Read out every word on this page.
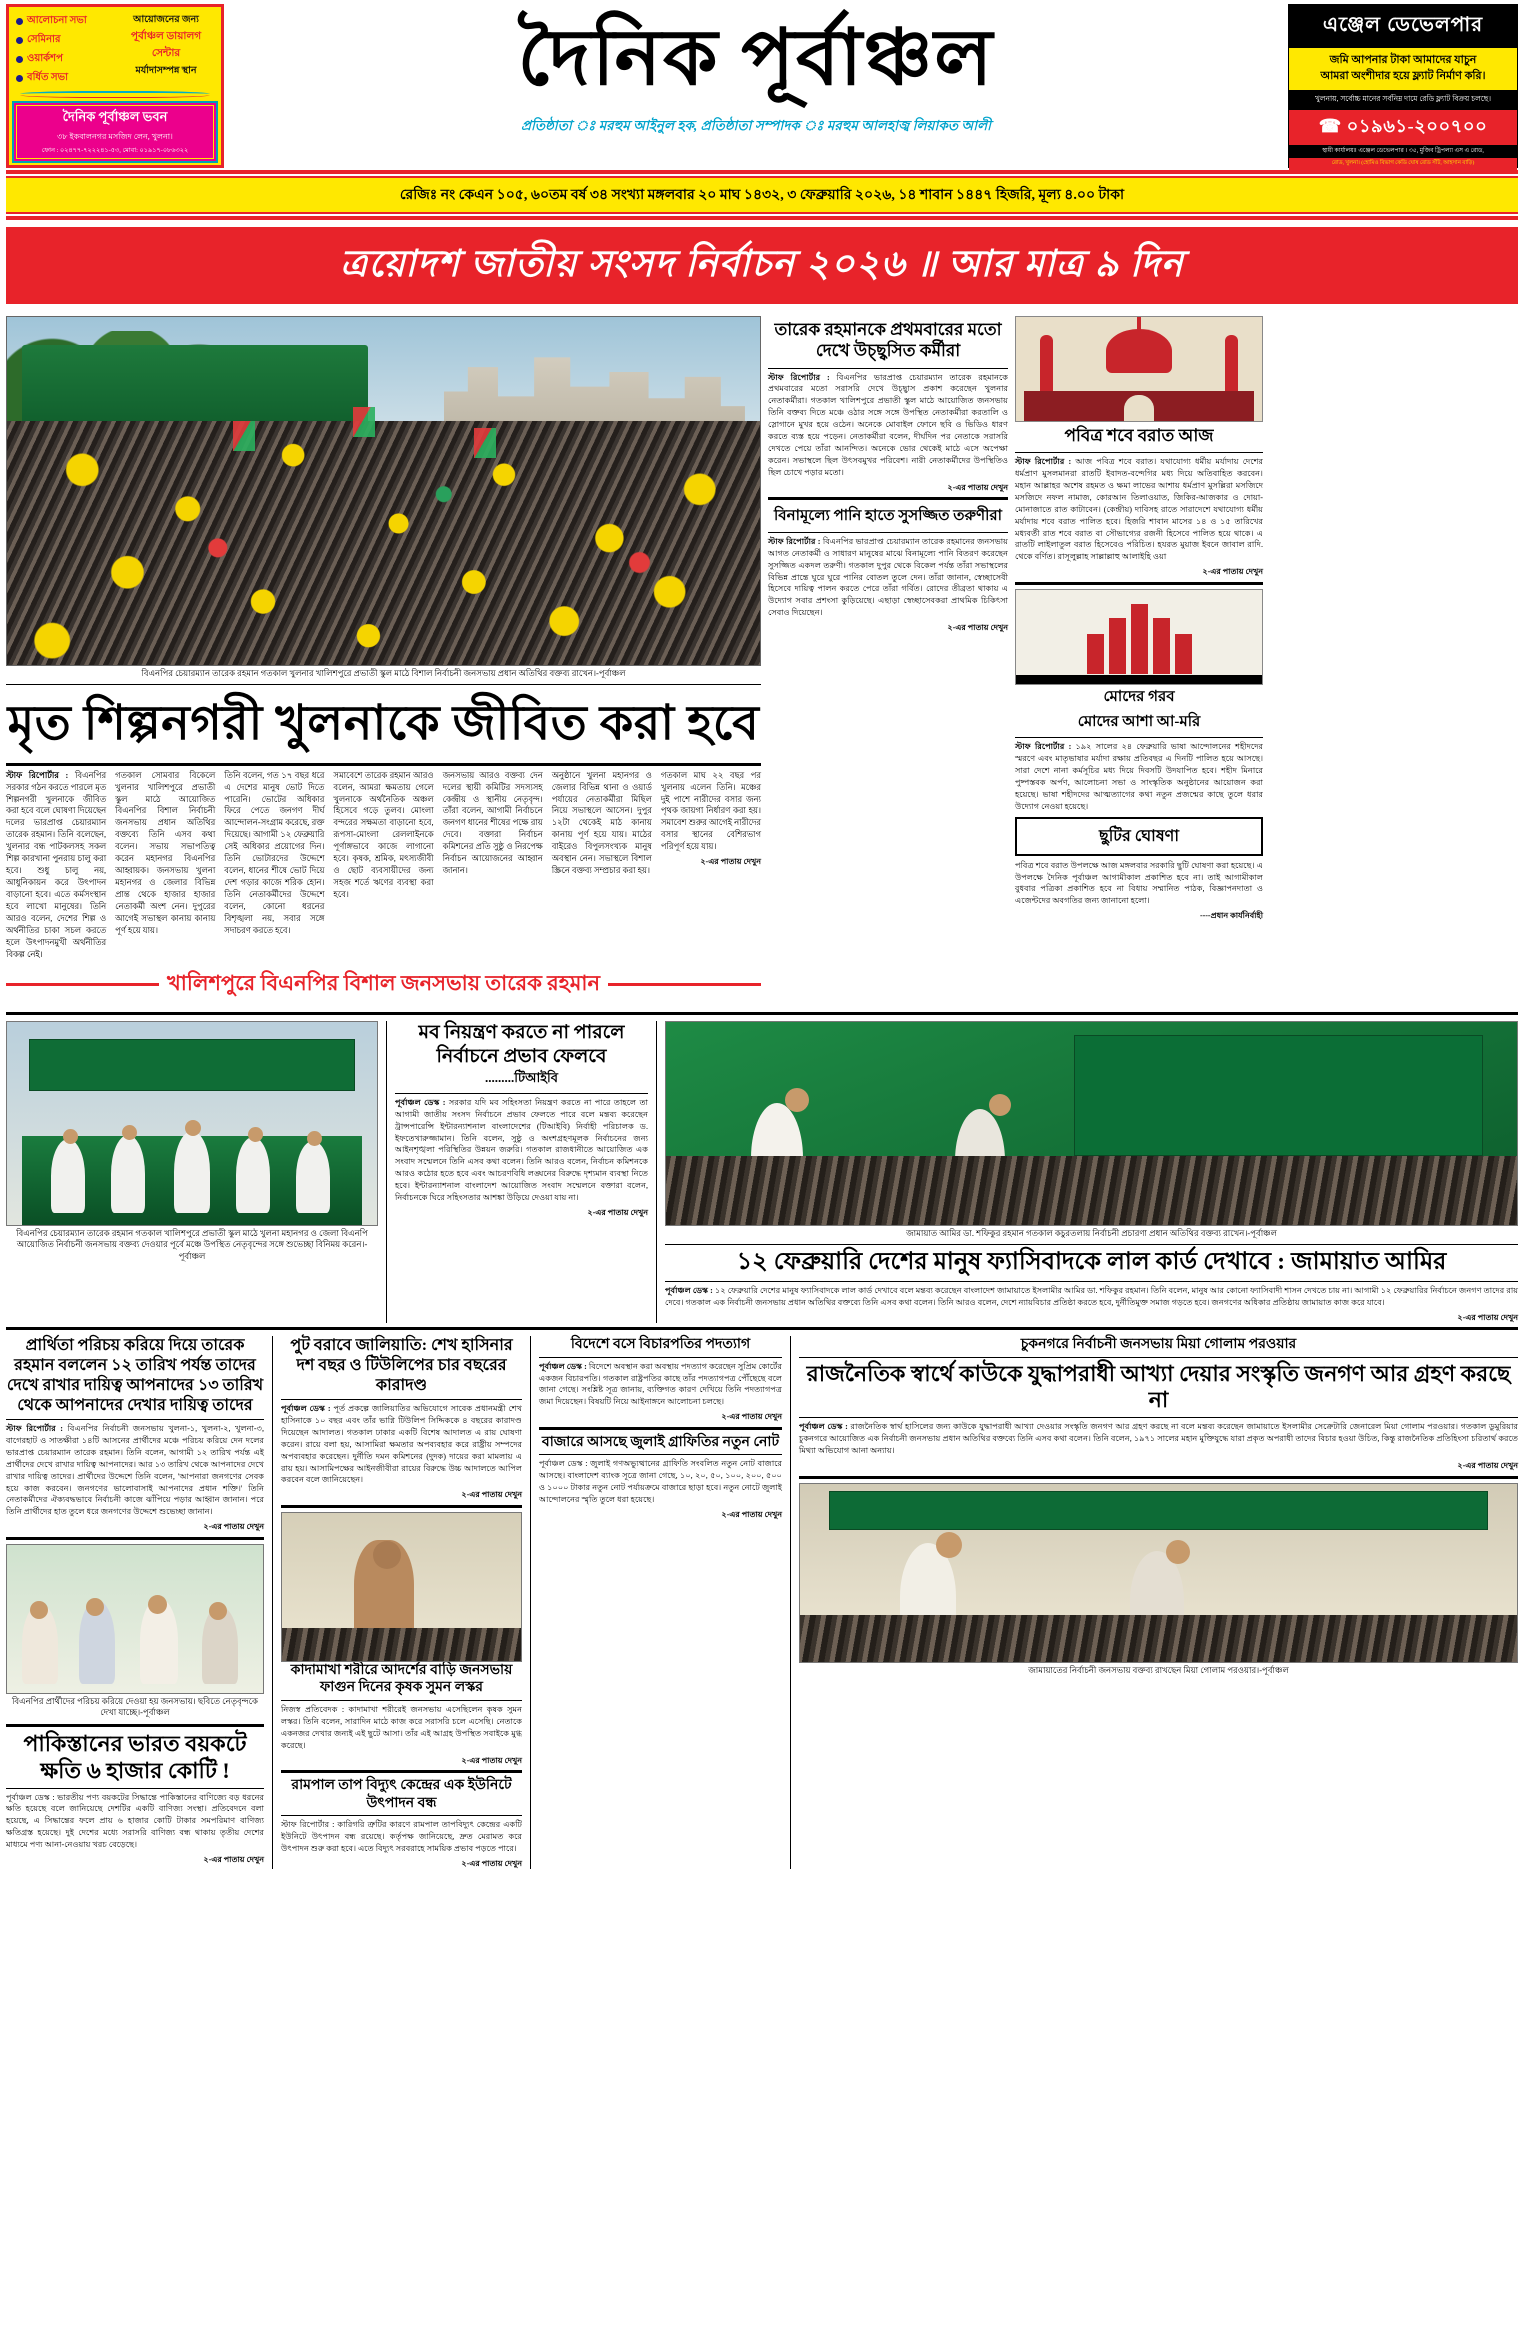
আলোচনা সভা
সেমিনার
ওয়ার্কশপ
বর্ধিত সভা
আয়োজনের জন্য
পূর্বাঞ্চল ডায়ালগ সেন্টার
মর্যাদাসম্পন্ন স্থান
দৈনিক পূর্বাঞ্চল ভবন
৩৮ ইকবালনগর মসজিদ লেন, খুলনা।
ফোন : ০২৪৭৭-৭২২২৪১-৫৩, মোবা: ০১৯১৭-০৮৬৩২২
দৈনিক পূর্বাঞ্চল
প্রতিষ্ঠাতা ঃ মরহুম আইনুল হক, প্রতিষ্ঠাতা সম্পাদক ঃ মরহুম আলহাজ্ব লিয়াকত আলী
এঞ্জেল ডেভেলপার
জমি আপনার টাকা আমাদের যাচুন
আমরা অংশীদার হয়ে ফ্ল্যাট নির্মাণ করি।
খুলনায়, সর্বোচ্চ মানের সর্বনিম্ন দামে রেডি ফ্ল্যাট বিক্রয় চলছে।
☎ ০১৯৬১-২০০৭০০
স্থায়ী কার্যালয়ঃ এঞ্জেল ডেভেলপার । ৩৫, মুজিব ট্রিপল্যা এস এ রোড,
রোড, খুলনা। (হোমিও বিভাগ কেডি ঘোষ রোড সঁটি, আহসান বাড়ি)
রেজিঃ নং কেএন ১০৫, ৬০তম বর্ষ ৩৪ সংখ্যা মঙ্গলবার ২০ মাঘ ১৪৩২, ৩ ফেব্রুয়ারি ২০২৬, ১৪ শাবান ১৪৪৭ হিজরি, মূল্য ৪.০০ টাকা
ত্রয়োদশ জাতীয় সংসদ নির্বাচন ২০২৬ ॥ আর মাত্র ৯ দিন
বিএনপির চেয়ারম্যান তারেক রহমান গতকাল খুলনার খালিশপুরে প্রভাতী স্কুল মাঠে বিশাল নির্বাচনী জনসভায় প্রধান অতিথির বক্তব্য রাখেন।-পূর্বাঞ্চল
মৃত শিল্পনগরী খুলনাকে জীবিত করা হবে

স্টাফ রিপোর্টার : বিএনপির সরকার গঠন করতে পারলে মৃত শিল্পনগরী খুলনাকে জীবিত করা হবে বলে ঘোষণা দিয়েছেন দলের ভারপ্রাপ্ত চেয়ারম্যান তারেক রহমান। তিনি বলেছেন, খুলনার বন্ধ পাটকলসহ সকল শিল্প কারখানা পুনরায় চালু করা হবে। শুধু চালু নয়, আধুনিকায়ন করে উৎপাদন বাড়ানো হবে। এতে কর্মসংস্থান হবে লাখো মানুষের। তিনি আরও বলেন, দেশের শিল্প ও অর্থনীতির চাকা সচল করতে হলে উৎপাদনমুখী অর্থনীতির বিকল্প নেই।

গতকাল সোমবার বিকেলে খুলনার খালিশপুরে প্রভাতী স্কুল মাঠে আয়োজিত বিএনপির বিশাল নির্বাচনী জনসভায় প্রধান অতিথির বক্তব্যে তিনি এসব কথা বলেন। সভায় সভাপতিত্ব করেন মহানগর বিএনপির আহ্বায়ক। জনসভায় খুলনা মহানগর ও জেলার বিভিন্ন প্রান্ত থেকে হাজার হাজার নেতাকর্মী অংশ নেন। দুপুরের আগেই সভাস্থল কানায় কানায় পূর্ণ হয়ে যায়।

তিনি বলেন, গত ১৭ বছর ধরে এ দেশের মানুষ ভোট দিতে পারেনি। ভোটের অধিকার ফিরে পেতে জনগণ দীর্ঘ আন্দোলন-সংগ্রাম করেছে, রক্ত দিয়েছে। আগামী ১২ ফেব্রুয়ারি সেই অধিকার প্রয়োগের দিন। তিনি ভোটারদের উদ্দেশে বলেন, ধানের শীষে ভোট দিয়ে দেশ গড়ার কাজে শরিক হোন। তিনি নেতাকর্মীদের উদ্দেশে বলেন, কোনো ধরনের বিশৃঙ্খলা নয়, সবার সঙ্গে সদাচরণ করতে হবে।

সমাবেশে তারেক রহমান আরও বলেন, আমরা ক্ষমতায় গেলে খুলনাকে অর্থনৈতিক অঞ্চল হিসেবে গড়ে তুলব। মোংলা বন্দরের সক্ষমতা বাড়ানো হবে, রূপসা-মোংলা রেললাইনকে পূর্ণাঙ্গভাবে কাজে লাগানো হবে। কৃষক, শ্রমিক, মৎস্যজীবী ও ছোট ব্যবসায়ীদের জন্য সহজ শর্তে ঋণের ব্যবস্থা করা হবে।

জনসভায় আরও বক্তব্য দেন দলের স্থায়ী কমিটির সদস্যসহ কেন্দ্রীয় ও স্থানীয় নেতৃবৃন্দ। তাঁরা বলেন, আগামী নির্বাচনে জনগণ ধানের শীষের পক্ষে রায় দেবে। বক্তারা নির্বাচন কমিশনের প্রতি সুষ্ঠু ও নিরপেক্ষ নির্বাচন আয়োজনের আহ্বান জানান।

অনুষ্ঠানে খুলনা মহানগর ও জেলার বিভিন্ন থানা ও ওয়ার্ড পর্যায়ের নেতাকর্মীরা মিছিল নিয়ে সভাস্থলে আসেন। দুপুর ১২টা থেকেই মাঠ কানায় কানায় পূর্ণ হয়ে যায়। মাঠের বাইরেও বিপুলসংখ্যক মানুষ অবস্থান নেন। সভাস্থলে বিশাল স্ক্রিনে বক্তব্য সম্প্রচার করা হয়।

গতকাল মাঘ ২২ বছর পর খুলনায় এলেন তিনি। মঞ্চের দুই পাশে নারীদের বসার জন্য পৃথক জায়গা নির্ধারণ করা হয়। সমাবেশ শুরুর আগেই নারীদের বসার স্থানের বেশিরভাগ পরিপূর্ণ হয়ে যায়।

২-এর পাতায় দেখুন
খালিশপুরে বিএনপির বিশাল জনসভায় তারেক রহমান
তারেক রহমানকে প্রথমবারের মতো দেখে উচ্ছ্বসিত কর্মীরা

স্টাফ রিপোর্টার : বিএনপির ভারপ্রাপ্ত চেয়ারম্যান তারেক রহমানকে প্রথমবারের মতো সরাসরি দেখে উচ্ছ্বাস প্রকাশ করেছেন খুলনার নেতাকর্মীরা। গতকাল খালিশপুরে প্রভাতী স্কুল মাঠে আয়োজিত জনসভায় তিনি বক্তব্য দিতে মঞ্চে ওঠার সঙ্গে সঙ্গে উপস্থিত নেতাকর্মীরা করতালি ও স্লোগানে মুখর হয়ে ওঠেন। অনেকে মোবাইল ফোনে ছবি ও ভিডিও ধারণ করতে ব্যস্ত হয়ে পড়েন। নেতাকর্মীরা বলেন, দীর্ঘদিন পর নেতাকে সরাসরি দেখতে পেয়ে তাঁরা আনন্দিত। অনেকে ভোর থেকেই মাঠে এসে অপেক্ষা করেন। সভাস্থলে ছিল উৎসবমুখর পরিবেশ। নারী নেতাকর্মীদের উপস্থিতিও ছিল চোখে পড়ার মতো।

২-এর পাতায় দেখুন
বিনামূল্যে পানি হাতে সুসজ্জিত তরুণীরা

স্টাফ রিপোর্টার : বিএনপির ভারপ্রাপ্ত চেয়ারম্যান তারেক রহমানের জনসভায় আগত নেতাকর্মী ও সাধারণ মানুষের মাঝে বিনামূল্যে পানি বিতরণ করেছেন সুসজ্জিত একদল তরুণী। গতকাল দুপুর থেকে বিকেল পর্যন্ত তাঁরা সভাস্থলের বিভিন্ন প্রান্তে ঘুরে ঘুরে পানির বোতল তুলে দেন। তাঁরা জানান, স্বেচ্ছাসেবী হিসেবে দায়িত্ব পালন করতে পেরে তাঁরা গর্বিত। রোদের তীব্রতা থাকায় এ উদ্যোগ সবার প্রশংসা কুড়িয়েছে। এছাড়া স্বেচ্ছাসেবকরা প্রাথমিক চিকিৎসা সেবাও দিয়েছেন।

২-এর পাতায় দেখুন
পবিত্র শবে বরাত আজ

স্টাফ রিপোর্টার : আজ পবিত্র শবে বরাত। যথাযোগ্য ধর্মীয় মর্যাদায় দেশের ধর্মপ্রাণ মুসলমানরা রাতটি ইবাদত-বন্দেগির মধ্য দিয়ে অতিবাহিত করবেন। মহান আল্লাহর অশেষ রহমত ও ক্ষমা লাভের আশায় ধর্মপ্রাণ মুসল্লিরা মসজিদে মসজিদে নফল নামাজ, কোরআন তিলাওয়াত, জিকির-আজকার ও দোয়া-মোনাজাতে রাত কাটাবেন। (কেন্দ্রীয়) দাবিসহ রাতে সারাদেশে যথাযোগ্য ধর্মীয় মর্যাদায় শবে বরাত পালিত হবে। হিজরি শাবান মাসের ১৪ ও ১৫ তারিখের মধ্যবর্তী রাত শবে বরাত বা সৌভাগ্যের রজনী হিসেবে পালিত হয়ে থাকে। এ রাতটি লাইলাতুল বরাত হিসেবেও পরিচিত। হযরত মুয়াজ ইবনে জাবাল রাদি. থেকে বর্ণিত। রাসূলুল্লাহ সাল্লাল্লাহু আলাইহি ওয়া

২-এর পাতায় দেখুন
মোদের গরব
মোদের আশা আ-মরি

স্টাফ রিপোর্টার : ১৯২ সালের ২৪ ফেব্রুয়ারি ভাষা আন্দোলনের শহীদদের স্মরণে এবং মাতৃভাষার মর্যাদা রক্ষায় প্রতিবছর এ দিনটি পালিত হয়ে আসছে। সারা দেশে নানা কর্মসূচির মধ্য দিয়ে দিবসটি উদযাপিত হবে। শহীদ মিনারে পুষ্পস্তবক অর্পণ, আলোচনা সভা ও সাংস্কৃতিক অনুষ্ঠানের আয়োজন করা হয়েছে। ভাষা শহীদদের আত্মত্যাগের কথা নতুন প্রজন্মের কাছে তুলে ধরার উদ্যোগ নেওয়া হয়েছে।

ছুটির ঘোষণা

পবিত্র শবে বরাত উপলক্ষে আজ মঙ্গলবার সরকারি ছুটি ঘোষণা করা হয়েছে। এ উপলক্ষে দৈনিক পূর্বাঞ্চল আগামীকাল প্রকাশিত হবে না। তাই আগামীকাল বুধবার পত্রিকা প্রকাশিত হবে না বিধায় সম্মানিত পাঠক, বিজ্ঞাপনদাতা ও এজেন্টদের অবগতির জন্য জানানো হলো।

----প্রধান কার্যনির্বাহী
বিএনপির চেয়ারম্যান তারেক রহমান গতকাল খালিশপুরে প্রভাতী স্কুল মাঠে খুলনা মহানগর ও জেলা বিএনপি আয়োজিত নির্বাচনী জনসভায় বক্তব্য দেওয়ার পূর্বে মঞ্চে উপস্থিত নেতৃবৃন্দের সঙ্গে শুভেচ্ছা বিনিময় করেন।-পূর্বাঞ্চল
মব নিয়ন্ত্রণ করতে না পারলে নির্বাচনে প্রভাব ফেলবে
.........টিআইবি

পূর্বাঞ্চল ডেস্ক : সরকার যদি মব সহিংসতা নিয়ন্ত্রণ করতে না পারে তাহলে তা আগামী জাতীয় সংসদ নির্বাচনে প্রভাব ফেলতে পারে বলে মন্তব্য করেছেন ট্রান্সপারেন্সি ইন্টারন্যাশনাল বাংলাদেশের (টিআইবি) নির্বাহী পরিচালক ড. ইফতেখারুজ্জামান। তিনি বলেন, সুষ্ঠু ও অংশগ্রহণমূলক নির্বাচনের জন্য আইনশৃঙ্খলা পরিস্থিতির উন্নয়ন জরুরি। গতকাল রাজধানীতে আয়োজিত এক সংবাদ সম্মেলনে তিনি এসব কথা বলেন। তিনি আরও বলেন, নির্বাচন কমিশনকে আরও কঠোর হতে হবে এবং আচরণবিধি লঙ্ঘনের বিরুদ্ধে দৃশ্যমান ব্যবস্থা নিতে হবে। ইন্টারন্যাশনাল বাংলাদেশ আয়োজিত সংবাদ সম্মেলনে বক্তারা বলেন, নির্বাচনকে ঘিরে সহিংসতার আশঙ্কা উড়িয়ে দেওয়া যায় না।

২-এর পাতায় দেখুন
জামায়াত আমির ডা. শফিকুর রহমান গতকাল কচুরতলায় নির্বাচনী প্রচারণা প্রধান অতিথির বক্তব্য রাখেন।-পূর্বাঞ্চল
১২ ফেব্রুয়ারি দেশের মানুষ ফ্যাসিবাদকে লাল কার্ড দেখাবে : জামায়াত আমির

পূর্বাঞ্চল ডেস্ক : ১২ ফেব্রুয়ারি দেশের মানুষ ফ্যাসিবাদকে লাল কার্ড দেখাবে বলে মন্তব্য করেছেন বাংলাদেশ জামায়াতে ইসলামীর আমির ডা. শফিকুর রহমান। তিনি বলেন, মানুষ আর কোনো ফ্যাসিবাদী শাসন দেখতে চায় না। আগামী ১২ ফেব্রুয়ারির নির্বাচনে জনগণ তাদের রায় দেবে। গতকাল এক নির্বাচনী জনসভায় প্রধান অতিথির বক্তব্যে তিনি এসব কথা বলেন। তিনি আরও বলেন, দেশে ন্যায়বিচার প্রতিষ্ঠা করতে হবে, দুর্নীতিমুক্ত সমাজ গড়তে হবে। জনগণের অধিকার প্রতিষ্ঠায় জামায়াত কাজ করে যাবে।

২-এর পাতায় দেখুন
প্রার্থিতা পরিচয় করিয়ে দিয়ে তারেক রহমান বললেন ১২ তারিখ পর্যন্ত তাদের দেখে রাখার দায়িত্ব আপনাদের ১৩ তারিখ থেকে আপনাদের দেখার দায়িত্ব তাদের

স্টাফ রিপোর্টার : বিএনপির নির্বাচনী জনসভায় খুলনা-১, খুলনা-২, খুলনা-৩, বাগেরহাট ও সাতক্ষীরা ১৪টি আসনের প্রার্থীদের মঞ্চে পরিচয় করিয়ে দেন দলের ভারপ্রাপ্ত চেয়ারম্যান তারেক রহমান। তিনি বলেন, আগামী ১২ তারিখ পর্যন্ত এই প্রার্থীদের দেখে রাখার দায়িত্ব আপনাদের। আর ১৩ তারিখ থেকে আপনাদের দেখে রাখার দায়িত্ব তাদের। প্রার্থীদের উদ্দেশে তিনি বলেন, 'আপনারা জনগণের সেবক হয়ে কাজ করবেন। জনগণের ভালোবাসাই আপনাদের প্রধান শক্তি।' তিনি নেতাকর্মীদের ঐক্যবদ্ধভাবে নির্বাচনী কাজে ঝাঁপিয়ে পড়ার আহ্বান জানান। পরে তিনি প্রার্থীদের হাত তুলে ধরে জনগণের উদ্দেশে শুভেচ্ছা জানান।

২-এর পাতায় দেখুন
বিএনপির প্রার্থীদের পরিচয় করিয়ে দেওয়া হয় জনসভায়। ছবিতে নেতৃবৃন্দকে দেখা যাচ্ছে।-পূর্বাঞ্চল
পাকিস্তানের ভারত বয়কটে ক্ষতি ৬ হাজার কোটি !

পূর্বাঞ্চল ডেস্ক : ভারতীয় পণ্য বয়কটের সিদ্ধান্তে পাকিস্তানের বাণিজ্যে বড় ধরনের ক্ষতি হয়েছে বলে জানিয়েছে দেশটির একটি বাণিজ্য সংস্থা। প্রতিবেদনে বলা হয়েছে, এ সিদ্ধান্তের ফলে প্রায় ৬ হাজার কোটি টাকার সমপরিমাণ বাণিজ্য ক্ষতিগ্রস্ত হয়েছে। দুই দেশের মধ্যে সরাসরি বাণিজ্য বন্ধ থাকায় তৃতীয় দেশের মাধ্যমে পণ্য আনা-নেওয়ায় খরচ বেড়েছে।

২-এর পাতায় দেখুন
পুট বরাবে জালিয়াতি: শেখ হাসিনার দশ বছর ও টিউলিপের চার বছরের কারাদণ্ড

পূর্বাঞ্চল ডেস্ক : পূর্ত প্রকল্পে জালিয়াতির অভিযোগে সাবেক প্রধানমন্ত্রী শেখ হাসিনাকে ১০ বছর এবং তাঁর ভাগ্নি টিউলিপ সিদ্দিককে ৪ বছরের কারাদণ্ড দিয়েছেন আদালত। গতকাল ঢাকার একটি বিশেষ আদালত এ রায় ঘোষণা করেন। রায়ে বলা হয়, আসামিরা ক্ষমতার অপব্যবহার করে রাষ্ট্রীয় সম্পদের অপব্যবহার করেছেন। দুর্নীতি দমন কমিশনের (দুদক) দায়ের করা মামলায় এ রায় হয়। আসামিপক্ষের আইনজীবীরা রায়ের বিরুদ্ধে উচ্চ আদালতে আপিল করবেন বলে জানিয়েছেন।

২-এর পাতায় দেখুন
কাদামাখা শরীরে আদর্শের বাড়ি জনসভায় ফাগুন দিনের কৃষক সুমন লস্কর

নিজস্ব প্রতিবেদক : কাদামাখা শরীরেই জনসভায় এসেছিলেন কৃষক সুমন লস্কর। তিনি বলেন, সারাদিন মাঠে কাজ করে সরাসরি চলে এসেছি। নেতাকে একনজর দেখার জন্যই এই ছুটে আসা। তাঁর এই আগ্রহ উপস্থিত সবাইকে মুগ্ধ করেছে।

২-এর পাতায় দেখুন
রামপাল তাপ বিদ্যুৎ কেন্দ্রের এক ইউনিটে উৎপাদন বন্ধ

স্টাফ রিপোর্টার : কারিগরি ত্রুটির কারণে রামপাল তাপবিদ্যুৎ কেন্দ্রের একটি ইউনিটে উৎপাদন বন্ধ রয়েছে। কর্তৃপক্ষ জানিয়েছে, দ্রুত মেরামত করে উৎপাদন শুরু করা হবে। এতে বিদ্যুৎ সরবরাহে সাময়িক প্রভাব পড়তে পারে।

২-এর পাতায় দেখুন
বিদেশে বসে বিচারপতির পদত্যাগ

পূর্বাঞ্চল ডেস্ক : বিদেশে অবস্থান করা অবস্থায় পদত্যাগ করেছেন সুপ্রিম কোর্টের একজন বিচারপতি। গতকাল রাষ্ট্রপতির কাছে তাঁর পদত্যাগপত্র পৌঁছেছে বলে জানা গেছে। সংশ্লিষ্ট সূত্র জানায়, ব্যক্তিগত কারণ দেখিয়ে তিনি পদত্যাগপত্র জমা দিয়েছেন। বিষয়টি নিয়ে আইনাঙ্গনে আলোচনা চলছে।

২-এর পাতায় দেখুন
বাজারে আসছে জুলাই গ্রাফিতির নতুন নোট

পূর্বাঞ্চল ডেস্ক : জুলাই গণঅভ্যুত্থানের গ্রাফিতি সংবলিত নতুন নোট বাজারে আসছে। বাংলাদেশ ব্যাংক সূত্রে জানা গেছে, ১০, ২০, ৫০, ১০০, ২০০, ৫০০ ও ১০০০ টাকার নতুন নোট পর্যায়ক্রমে বাজারে ছাড়া হবে। নতুন নোটে জুলাই আন্দোলনের স্মৃতি তুলে ধরা হয়েছে।

২-এর পাতায় দেখুন
চুকনগরে নির্বাচনী জনসভায় মিয়া গোলাম পরওয়ার
রাজনৈতিক স্বার্থে কাউকে যুদ্ধাপরাধী আখ্যা দেয়ার সংস্কৃতি জনগণ আর গ্রহণ করছে না

পূর্বাঞ্চল ডেস্ক : রাজনৈতিক স্বার্থ হাসিলের জন্য কাউকে যুদ্ধাপরাধী আখ্যা দেওয়ার সংস্কৃতি জনগণ আর গ্রহণ করছে না বলে মন্তব্য করেছেন জামায়াতে ইসলামীর সেক্রেটারি জেনারেল মিয়া গোলাম পরওয়ার। গতকাল ডুমুরিয়ার চুকনগরে আয়োজিত এক নির্বাচনী জনসভায় প্রধান অতিথির বক্তব্যে তিনি এসব কথা বলেন। তিনি বলেন, ১৯৭১ সালের মহান মুক্তিযুদ্ধে যারা প্রকৃত অপরাধী তাদের বিচার হওয়া উচিত, কিন্তু রাজনৈতিক প্রতিহিংসা চরিতার্থ করতে মিথ্যা অভিযোগ আনা অন্যায়।

২-এর পাতায় দেখুন
জামায়াতের নির্বাচনী জনসভায় বক্তব্য রাখছেন মিয়া গোলাম পরওয়ার।-পূর্বাঞ্চল
